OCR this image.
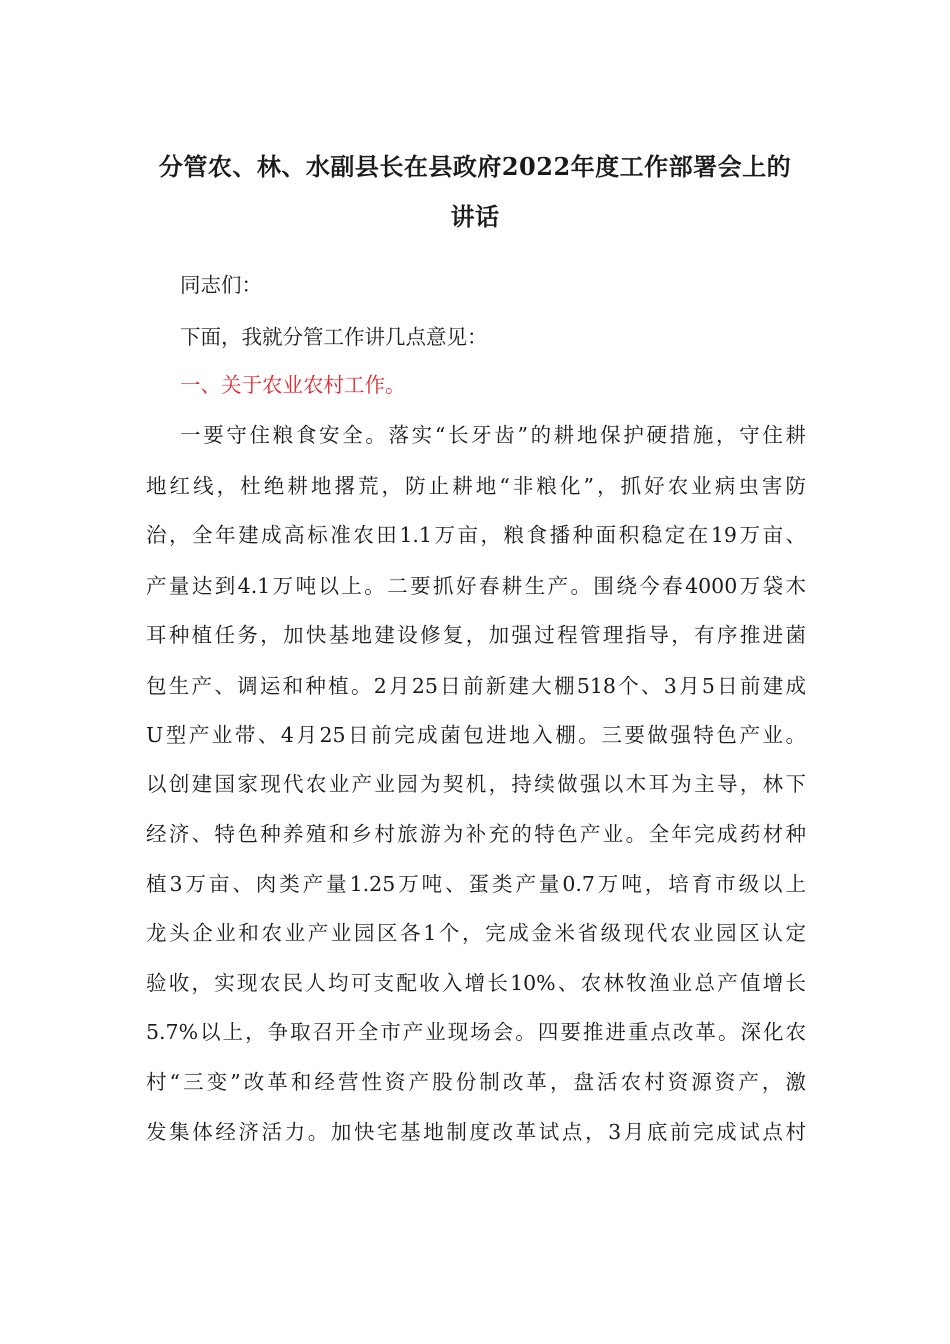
分管农、林、水副县长在县政府2022年度工作部署会上的
讲话

同志们：

下面，我就分管工作讲几点意见：

一、关于农业农村工作。

一要守住粮食安全。落实“长牙齿”的耕地保护硬措施，守住耕

地红线，杜绝耕地撂荒，防止耕地“非粮化”，抓好农业病虫害防

治，全年建成高标准农田1.1万亩，粮食播种面积稳定在19万亩、

产量达到4.1万吨以上。二要抓好春耕生产。围绕今春4000万袋木

耳种植任务，加快基地建设修复，加强过程管理指导，有序推进菌

包生产、调运和种植。2月25日前新建大棚518个、3月5日前建成

U型产业带、4月25日前完成菌包进地入棚。三要做强特色产业。

以创建国家现代农业产业园为契机，持续做强以木耳为主导，林下

经济、特色种养殖和乡村旅游为补充的特色产业。全年完成药材种

植3万亩、肉类产量1.25万吨、蛋类产量0.7万吨，培育市级以上

龙头企业和农业产业园区各1个，完成金米省级现代农业园区认定

验收，实现农民人均可支配收入增长10%、农林牧渔业总产值增长

5.7%以上，争取召开全市产业现场会。四要推进重点改革。深化农

村“三变”改革和经营性资产股份制改革，盘活农村资源资产，激

发集体经济活力。加快宅基地制度改革试点，3月底前完成试点村
